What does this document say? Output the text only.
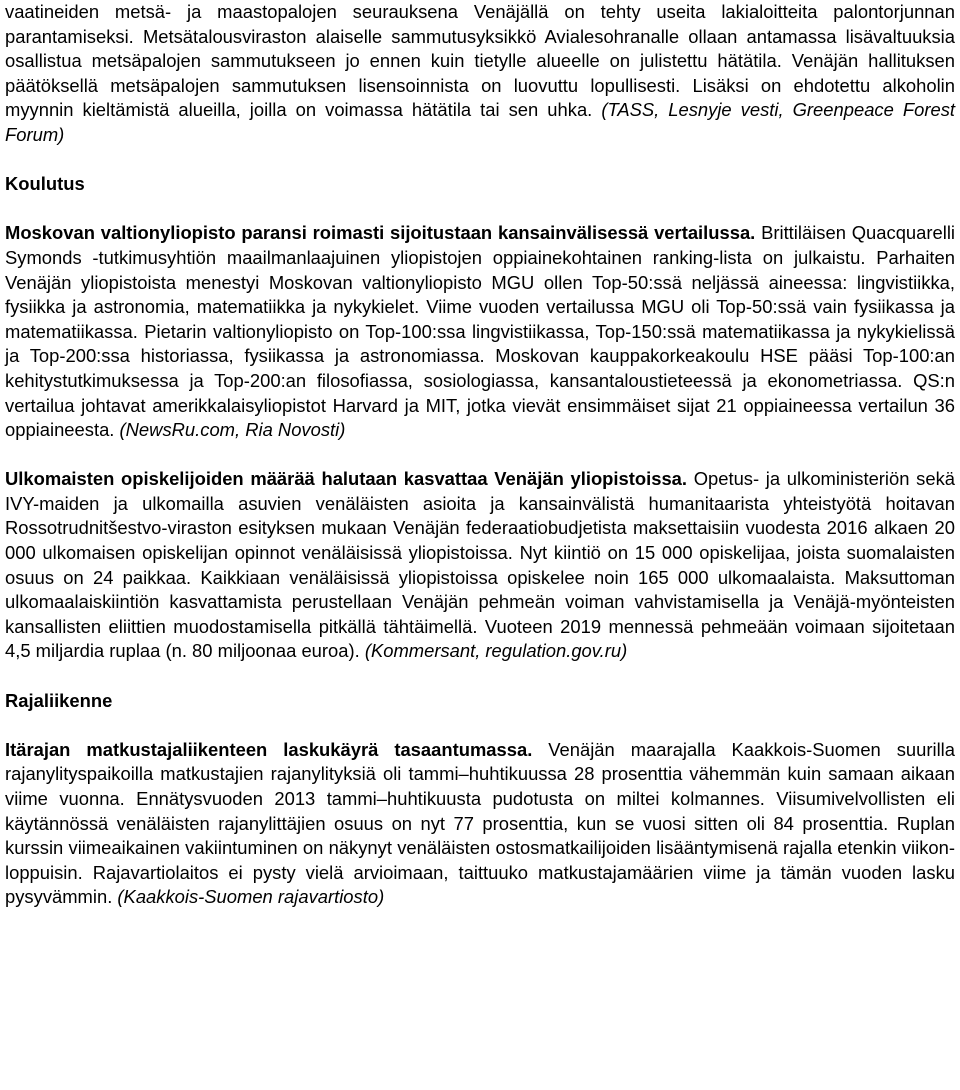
vaatineiden metsä- ja maastopalojen seurauksena Venäjällä on tehty useita lakialoitteita palontorjunnan parantamiseksi. Metsätalousviraston alaiselle sammutusyksikkö Avialesohranalle ollaan antamassa lisävaltuuksia osallistua metsäpalojen sammutukseen jo ennen kuin tietylle alueelle on julistettu hätätila. Venäjän hallituksen päätöksellä metsäpalojen sammutuksen lisensoinnista on luovuttu lopullisesti. Lisäksi on ehdotettu alkoholin myynnin kieltämistä alueilla, joilla on voimassa hätätila tai sen uhka. (TASS, Lesnyje vesti, Greenpeace Forest Forum)

Koulutus

Moskovan valtionyliopisto paransi roimasti sijoitustaan kansainvälisessä vertailussa. Brittiläisen Quacquarelli Symonds -tutkimusyhtiön maailmanlaajuinen yliopistojen oppiainekohtainen ranking-lista on julkaistu. Parhaiten Venäjän yliopistoista menestyi Moskovan valtionyliopisto MGU ollen Top-50:ssä neljässä aineessa: lingvistiikka, fysiikka ja astronomia, matematiikka ja nykykielet. Viime vuoden vertailussa MGU oli Top-50:ssä vain fysiikassa ja matematiikassa. Pietarin valtionyliopisto on Top-100:ssa lingvistiikassa, Top-150:ssä matematiikassa ja nykykielissä ja Top-200:ssa historiassa, fysiikassa ja astronomiassa. Moskovan kauppakorkeakoulu HSE pääsi Top-100:an kehitystutkimuksessa ja Top-200:an filosofiassa, sosiologiassa, kansantaloustieteessä ja ekonometriassa. QS:n vertailua johtavat amerikkalaisyliopistot Harvard ja MIT, jotka vievät ensimmäiset sijat 21 oppiaineessa vertailun 36 oppiaineesta. (NewsRu.com, Ria Novosti)

Ulkomaisten opiskelijoiden määrää halutaan kasvattaa Venäjän yliopistoissa. Opetus- ja ulkoministeriön sekä IVY-maiden ja ulkomailla asuvien venäläisten asioita ja kansainvälistä humanitaarista yhteistyötä hoitavan Rossotrudnitšestvo-viraston esityksen mukaan Venäjän federaatiobudjetista maksettaisiin vuodesta 2016 alkaen 20 000 ulkomaisen opiskelijan opinnot venäläisissä yliopistoissa. Nyt kiintiö on 15 000 opiskelijaa, joista suomalaisten osuus on 24 paikkaa. Kaikkiaan venäläisissä yliopistoissa opiskelee noin 165 000 ulkomaalaista. Maksuttoman ulkomaalaiskiintiön kasvattamista perustellaan Venäjän pehmeän voiman vahvistamisella ja Venäjä-myönteisten kansallisten eliittien muodostamisella pitkällä tähtäimellä. Vuoteen 2019 mennessä pehmeään voimaan sijoitetaan 4,5 miljardia ruplaa (n. 80 miljoonaa euroa). (Kommersant, regulation.gov.ru)

Rajaliikenne

Itärajan matkustajaliikenteen laskukäyrä tasaantumassa. Venäjän maarajalla Kaakkois-Suomen suurilla rajanylityspaikoilla matkustajien rajanylityksiä oli tammi–huhtikuussa 28 prosenttia vähemmän kuin samaan aikaan viime vuonna. Ennätysvuoden 2013 tammi–huhtikuusta pudotusta on miltei kolmannes. Viisumivelvollisten eli käytännössä venäläisten rajanylittäjien osuus on nyt 77 prosenttia, kun se vuosi sitten oli 84 prosenttia. Ruplan kurssin viimeaikainen vakiintuminen on näkynyt venäläisten ostosmatkailijoiden lisääntymisenä rajalla etenkin viikonloppuisin. Rajavartiolaitos ei pysty vielä arvioimaan, taittuuko matkustajamäärien viime ja tämän vuoden lasku pysyvämmin. (Kaakkois-Suomen rajavartiosto)
